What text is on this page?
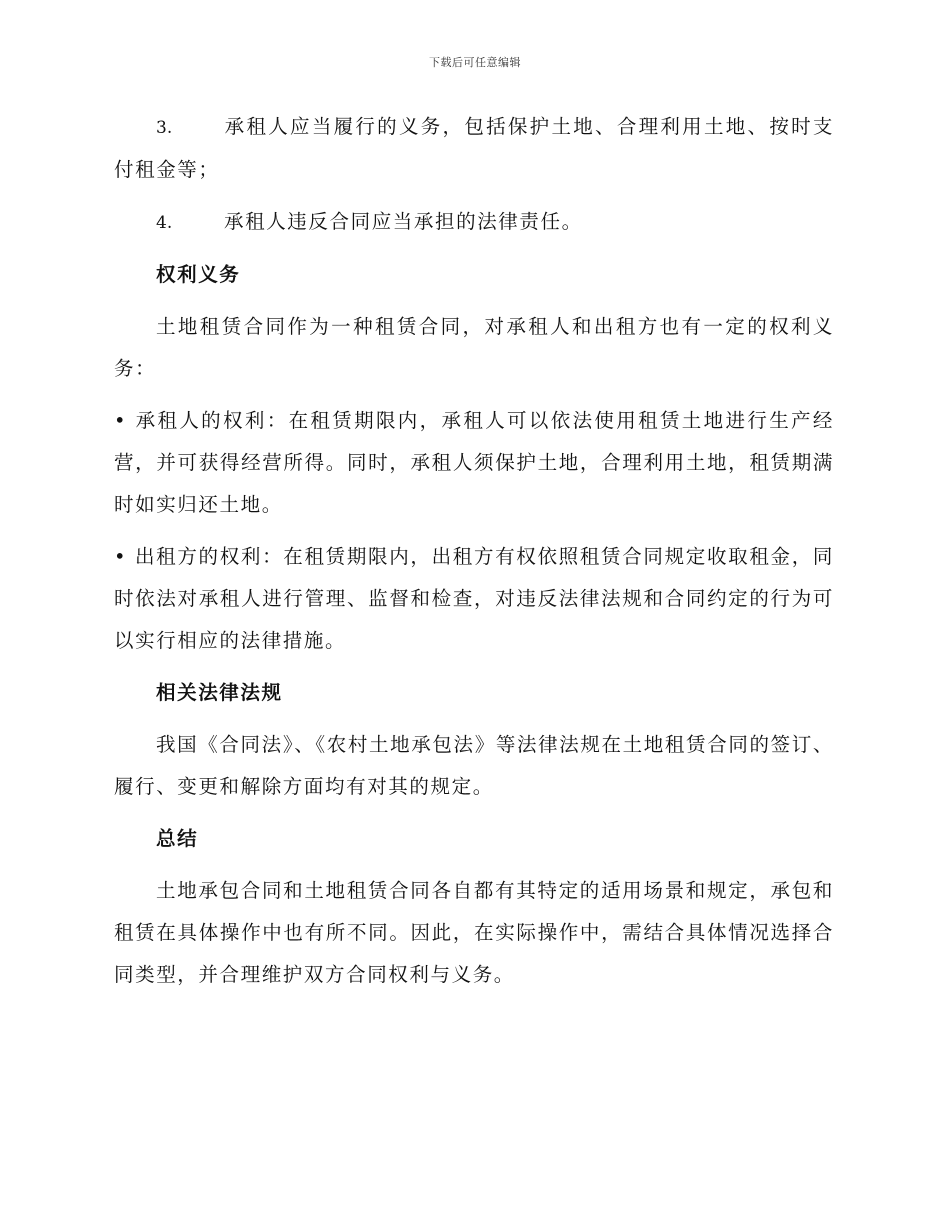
下载后可任意编辑

3.	承租人应当履行的义务，包括保护土地、合理利用土地、按时支付租金等；

4.	承租人违反合同应当承担的法律责任。

权利义务

土地租赁合同作为一种租赁合同，对承租人和出租方也有一定的权利义务：

• 承租人的权利：在租赁期限内，承租人可以依法使用租赁土地进行生产经营，并可获得经营所得。同时，承租人须保护土地，合理利用土地，租赁期满时如实归还土地。

• 出租方的权利：在租赁期限内，出租方有权依照租赁合同规定收取租金，同时依法对承租人进行管理、监督和检查，对违反法律法规和合同约定的行为可以实行相应的法律措施。

相关法律法规

我国《合同法》、《农村土地承包法》等法律法规在土地租赁合同的签订、履行、变更和解除方面均有对其的规定。

总结

土地承包合同和土地租赁合同各自都有其特定的适用场景和规定，承包和租赁在具体操作中也有所不同。因此，在实际操作中，需结合具体情况选择合同类型，并合理维护双方合同权利与义务。
